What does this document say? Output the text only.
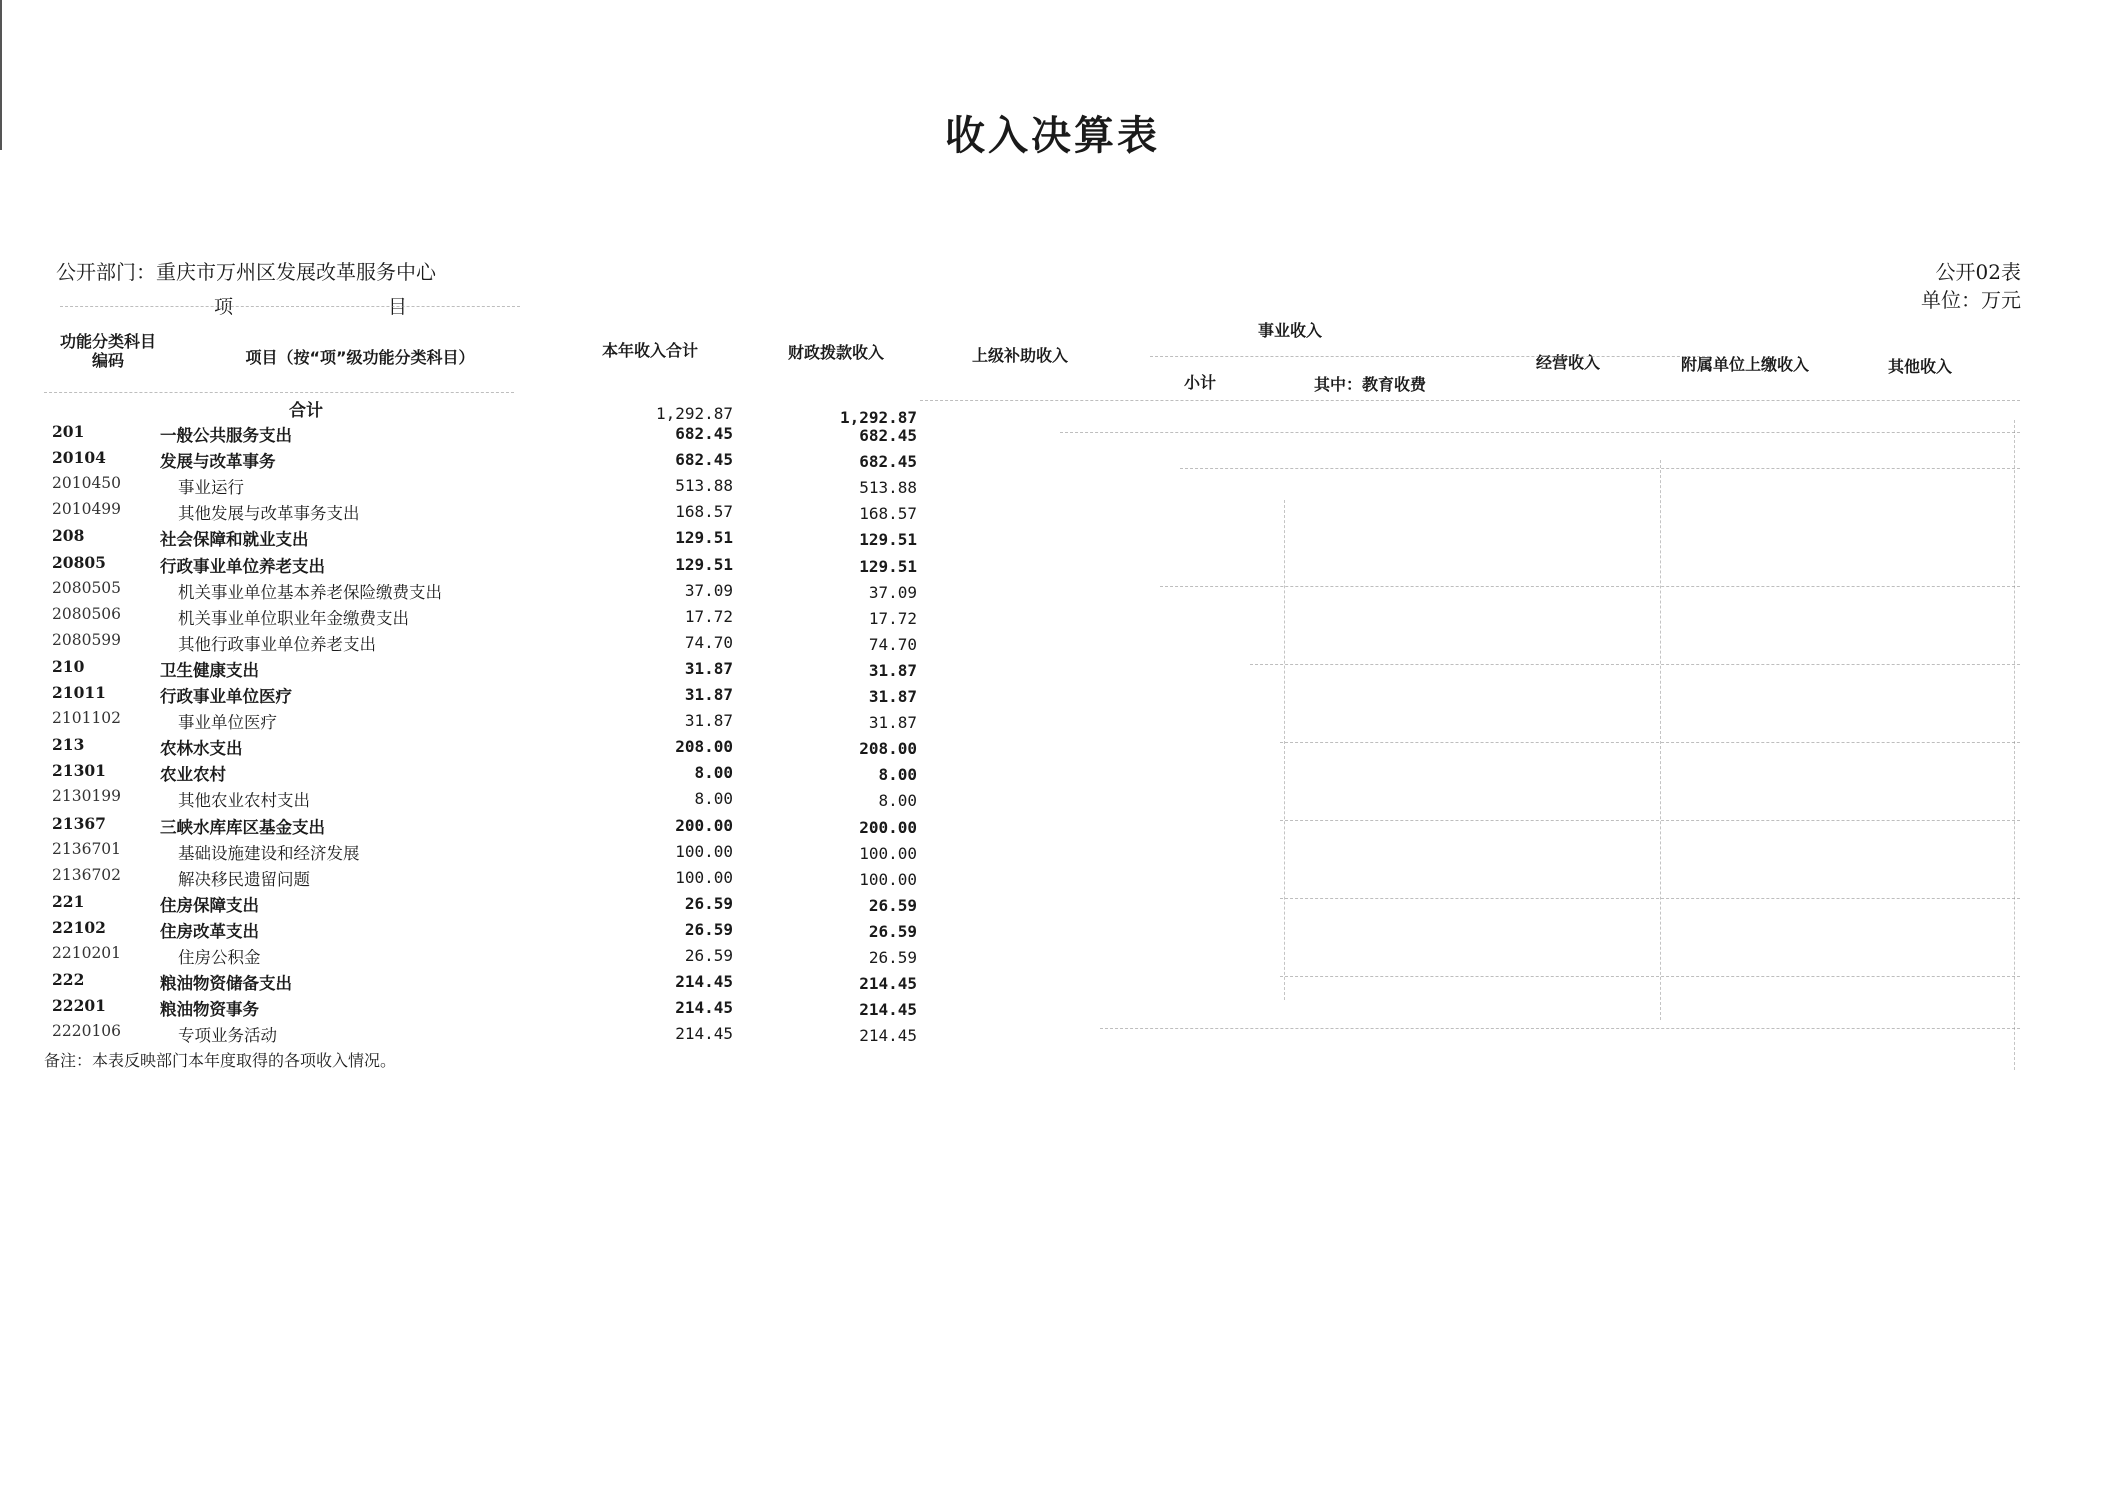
收入决算表
公开部门：重庆市万州区发展改革服务中心	公开02表
单位：万元
项	目
功能分类科目编码	项目（按“项”级功能分类科目）	本年收入合计	财政拨款收入	上级补助收入
事业收入
小计	其中：教育收费
经营收入	附属单位上缴收入	其他收入
合计	1,292.87	1,292.87
201	一般公共服务支出	682.45	682.45
20104	发展与改革事务	682.45	682.45
2010450	事业运行	513.88	513.88
2010499	其他发展与改革事务支出	168.57	168.57
208	社会保障和就业支出	129.51	129.51
20805	行政事业单位养老支出	129.51	129.51
2080505	机关事业单位基本养老保险缴费支出	37.09	37.09
2080506	机关事业单位职业年金缴费支出	17.72	17.72
2080599	其他行政事业单位养老支出	74.70	74.70
210	卫生健康支出	31.87	31.87
21011	行政事业单位医疗	31.87	31.87
2101102	事业单位医疗	31.87	31.87
213	农林水支出	208.00	208.00
21301	农业农村	8.00	8.00
2130199	其他农业农村支出	8.00	8.00
21367	三峡水库库区基金支出	200.00	200.00
2136701	基础设施建设和经济发展	100.00	100.00
2136702	解决移民遗留问题	100.00	100.00
221	住房保障支出	26.59	26.59
22102	住房改革支出	26.59	26.59
2210201	住房公积金	26.59	26.59
222	粮油物资储备支出	214.45	214.45
22201	粮油物资事务	214.45	214.45
2220106	专项业务活动	214.45	214.45
备注：本表反映部门本年度取得的各项收入情况。
